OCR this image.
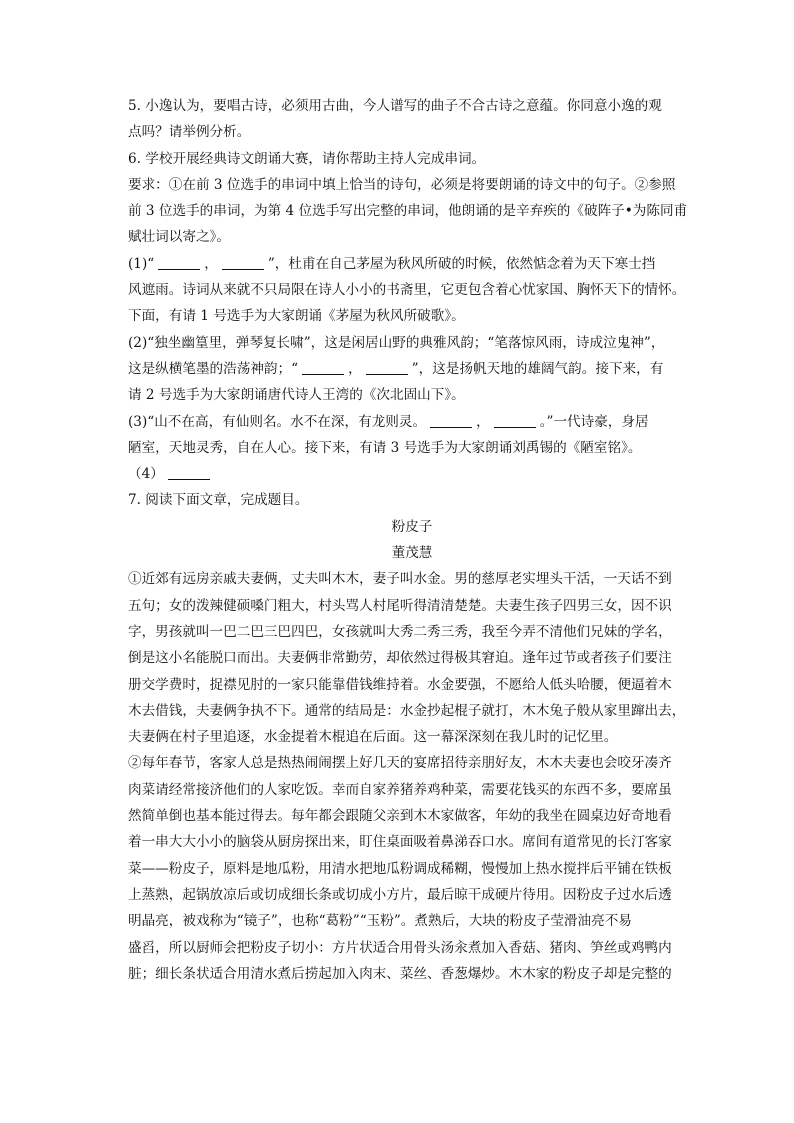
5. 小逸认为，要唱古诗，必须用古曲，今人谱写的曲子不合古诗之意蕴。你同意小逸的观
点吗？请举例分析。
6. 学校开展经典诗文朗诵大赛，请你帮助主持人完成串词。
要求：①在前 3 位选手的串词中填上恰当的诗句，必须是将要朗诵的诗文中的句子。②参照
前 3 位选手的串词，为第 4 位选手写出完整的串词，他朗诵的是辛弃疾的《破阵子•为陈同甫
赋壮词以寄之》。
(1)“	，	”，杜甫在自己茅屋为秋风所破的时候，依然惦念着为天下寒士挡
风遮雨。诗词从来就不只局限在诗人小小的书斋里，它更包含着心忧家国、胸怀天下的情怀。
下面，有请 1 号选手为大家朗诵《茅屋为秋风所破歌》。
(2)“独坐幽篁里，弹琴复长啸”，这是闲居山野的典雅风韵；“笔落惊风雨，诗成泣鬼神”，
这是纵横笔墨的浩荡神韵；“	，	”，这是扬帆天地的雄阔气韵。接下来，有
请 2 号选手为大家朗诵唐代诗人王湾的《次北固山下》。
(3)“山不在高，有仙则名。水不在深，有龙则灵。	，	。”一代诗豪，身居
陋室，天地灵秀，自在人心。接下来，有请 3 号选手为大家朗诵刘禹锡的《陋室铭》。
（4）
7. 阅读下面文章，完成题目。
粉皮子
董茂慧
①近郊有远房亲戚夫妻俩，丈夫叫木木，妻子叫水金。男的慈厚老实埋头干活，一天话不到
五句；女的泼辣健硕嗓门粗大，村头骂人村尾听得清清楚楚。夫妻生孩子四男三女，因不识
字，男孩就叫一巴二巴三巴四巴，女孩就叫大秀二秀三秀，我至今弄不清他们兄妹的学名，
倒是这小名能脱口而出。夫妻俩非常勤劳，却依然过得极其窘迫。逢年过节或者孩子们要注
册交学费时，捉襟见肘的一家只能靠借钱维持着。水金要强，不愿给人低头哈腰，便逼着木
木去借钱，夫妻俩争执不下。通常的结局是：水金抄起棍子就打，木木兔子般从家里蹿出去，
夫妻俩在村子里追逐，水金提着木棍追在后面。这一幕深深刻在我儿时的记忆里。
②每年春节，客家人总是热热闹闹摆上好几天的宴席招待亲朋好友，木木夫妻也会咬牙凑齐
肉菜请经常接济他们的人家吃饭。幸而自家养猪养鸡种菜，需要花钱买的东西不多，要席虽
然简单倒也基本能过得去。每年都会跟随父亲到木木家做客，年幼的我坐在圆桌边好奇地看
着一串大大小小的脑袋从厨房探出来，盯住桌面吸着鼻涕吞口水。席间有道常见的长汀客家
菜——粉皮子，原料是地瓜粉，用清水把地瓜粉调成稀糊，慢慢加上热水搅拌后平铺在铁板
上蒸熟，起锅放凉后或切成细长条或切成小方片，最后晾干成硬片待用。因粉皮子过水后透
明晶亮，被戏称为“镜子”，也称“葛粉”“玉粉”。煮熟后，大块的粉皮子莹滑油亮不易
盛舀，所以厨师会把粉皮子切小：方片状适合用骨头汤汆煮加入香菇、猪肉、笋丝或鸡鸭内
脏；细长条状适合用清水煮后捞起加入肉末、菜丝、香葱爆炒。木木家的粉皮子却是完整的
